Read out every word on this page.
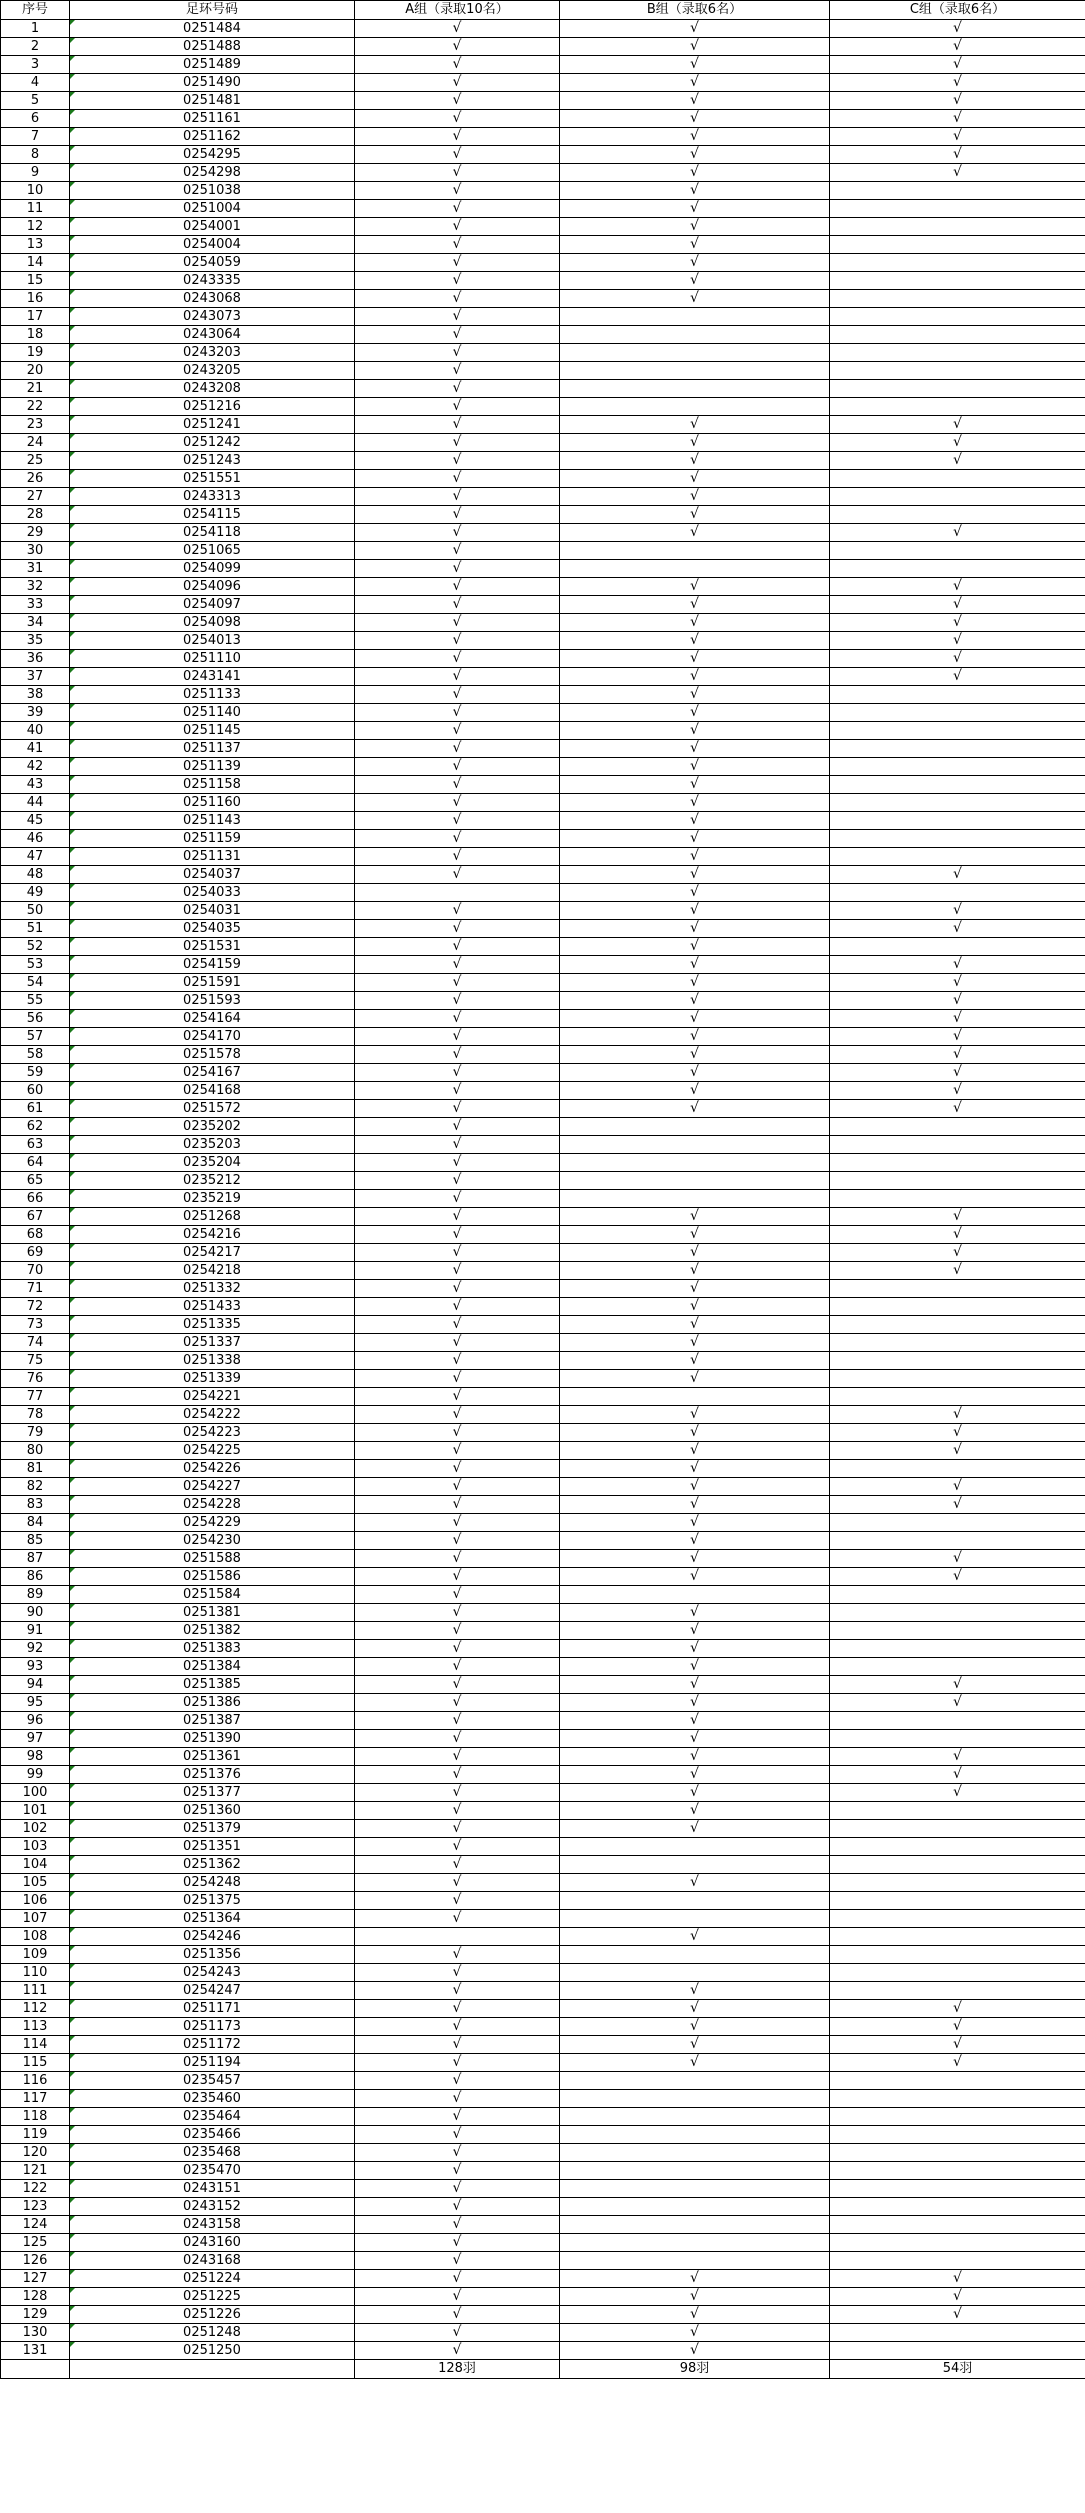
序号	足环号码	A组（录取10名）	B组（录取6名）	C组（录取6名）
1	0251484	√	√	√
2	0251488	√	√	√
3	0251489	√	√	√
4	0251490	√	√	√
5	0251481	√	√	√
6	0251161	√	√	√
7	0251162	√	√	√
8	0254295	√	√	√
9	0254298	√	√	√
10	0251038	√	√	
11	0251004	√	√	
12	0254001	√	√	
13	0254004	√	√	
14	0254059	√	√	
15	0243335	√	√	
16	0243068	√	√	
17	0243073	√		
18	0243064	√		
19	0243203	√		
20	0243205	√		
21	0243208	√		
22	0251216	√		
23	0251241	√	√	√
24	0251242	√	√	√
25	0251243	√	√	√
26	0251551	√	√	
27	0243313	√	√	
28	0254115	√	√	
29	0254118	√	√	√
30	0251065	√		
31	0254099	√		
32	0254096	√	√	√
33	0254097	√	√	√
34	0254098	√	√	√
35	0254013	√	√	√
36	0251110	√	√	√
37	0243141	√	√	√
38	0251133	√	√	
39	0251140	√	√	
40	0251145	√	√	
41	0251137	√	√	
42	0251139	√	√	
43	0251158	√	√	
44	0251160	√	√	
45	0251143	√	√	
46	0251159	√	√	
47	0251131	√	√	
48	0254037	√	√	√
49	0254033		√	
50	0254031	√	√	√
51	0254035	√	√	√
52	0251531	√	√	
53	0254159	√	√	√
54	0251591	√	√	√
55	0251593	√	√	√
56	0254164	√	√	√
57	0254170	√	√	√
58	0251578	√	√	√
59	0254167	√	√	√
60	0254168	√	√	√
61	0251572	√	√	√
62	0235202	√		
63	0235203	√		
64	0235204	√		
65	0235212	√		
66	0235219	√		
67	0251268	√	√	√
68	0254216	√	√	√
69	0254217	√	√	√
70	0254218	√	√	√
71	0251332	√	√	
72	0251433	√	√	
73	0251335	√	√	
74	0251337	√	√	
75	0251338	√	√	
76	0251339	√	√	
77	0254221	√		
78	0254222	√	√	√
79	0254223	√	√	√
80	0254225	√	√	√
81	0254226	√	√	
82	0254227	√	√	√
83	0254228	√	√	√
84	0254229	√	√	
85	0254230	√	√	
87	0251588	√	√	√
86	0251586	√	√	√
89	0251584	√		
90	0251381	√	√	
91	0251382	√	√	
92	0251383	√	√	
93	0251384	√	√	
94	0251385	√	√	√
95	0251386	√	√	√
96	0251387	√	√	
97	0251390	√	√	
98	0251361	√	√	√
99	0251376	√	√	√
100	0251377	√	√	√
101	0251360	√	√	
102	0251379	√	√	
103	0251351	√		
104	0251362	√		
105	0254248	√	√	
106	0251375	√		
107	0251364	√		
108	0254246		√	
109	0251356	√		
110	0254243	√		
111	0254247	√	√	
112	0251171	√	√	√
113	0251173	√	√	√
114	0251172	√	√	√
115	0251194	√	√	√
116	0235457	√		
117	0235460	√		
118	0235464	√		
119	0235466	√		
120	0235468	√		
121	0235470	√		
122	0243151	√		
123	0243152	√		
124	0243158	√		
125	0243160	√		
126	0243168	√		
127	0251224	√	√	√
128	0251225	√	√	√
129	0251226	√	√	√
130	0251248	√	√	
131	0251250	√	√	
		128羽	98羽	54羽
